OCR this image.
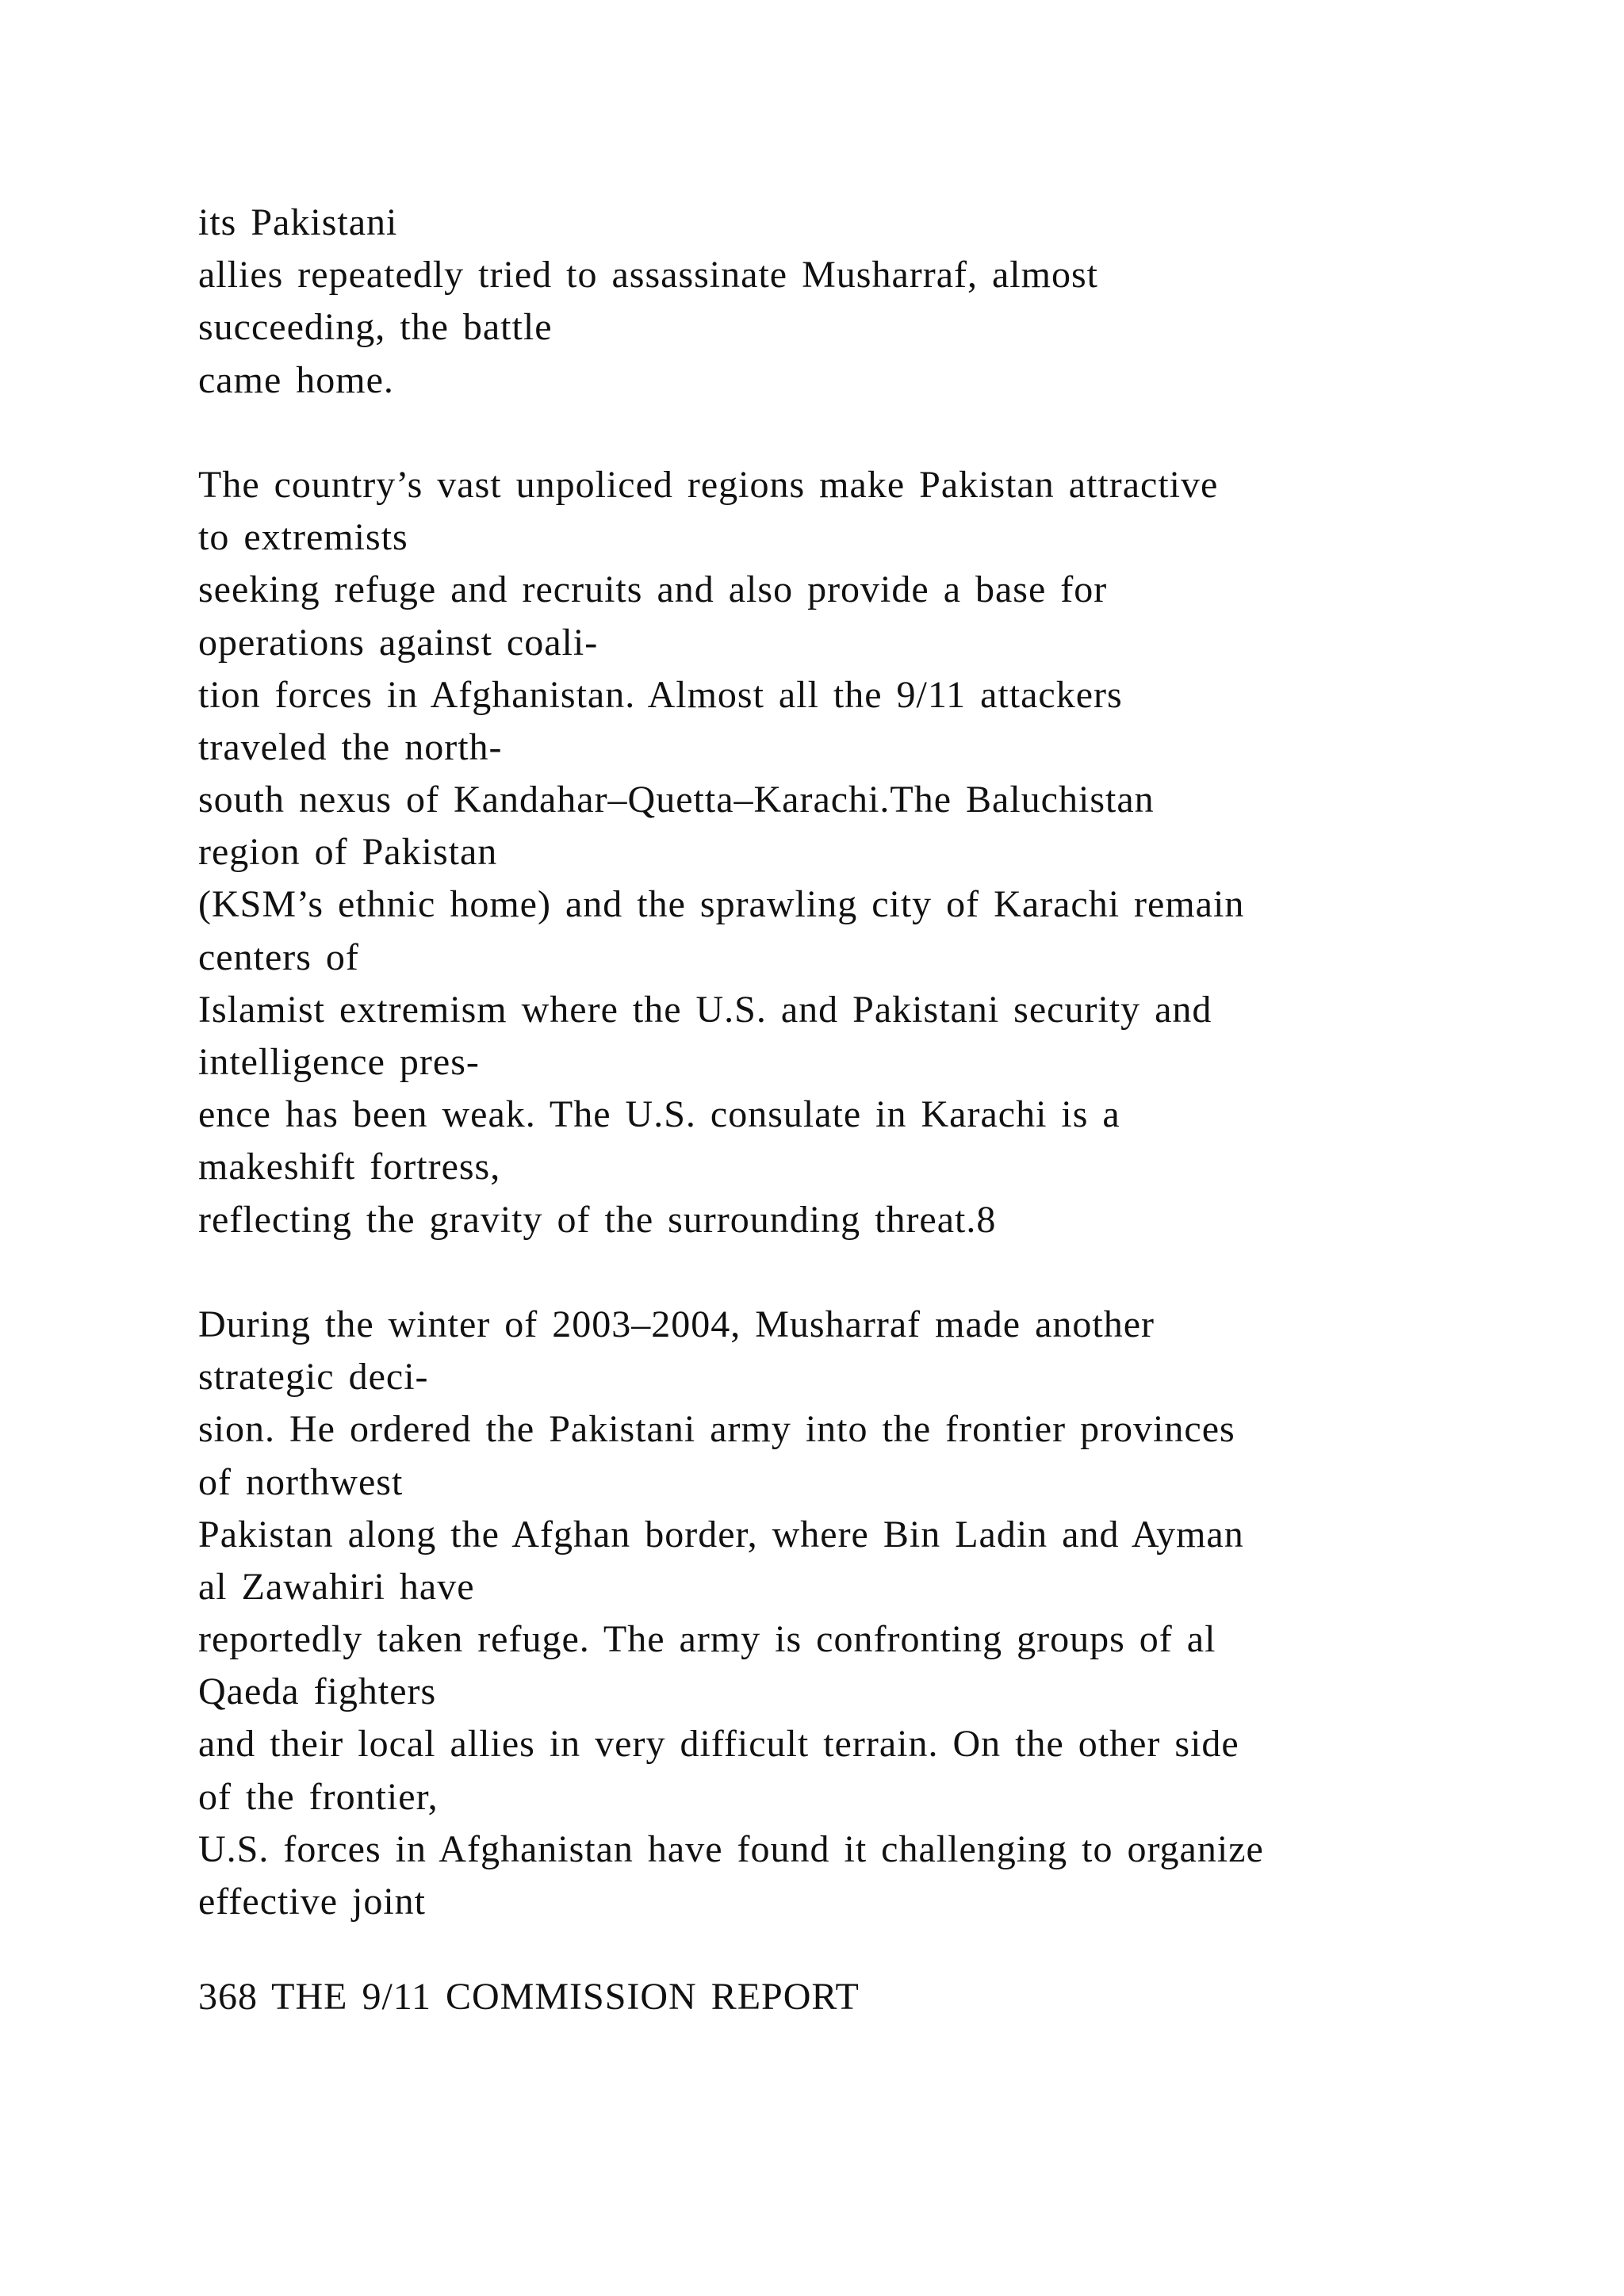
its Pakistani
allies repeatedly tried to assassinate Musharraf, almost
succeeding, the battle
came home.
The country’s vast unpoliced regions make Pakistan attractive
to extremists
seeking refuge and recruits and also provide a base for
operations against coali-
tion forces in Afghanistan. Almost all the 9/11 attackers
traveled the north-
south nexus of Kandahar–Quetta–Karachi.The Baluchistan
region of Pakistan
(KSM’s ethnic home) and the sprawling city of Karachi remain
centers of
Islamist extremism where the U.S. and Pakistani security and
intelligence pres-
ence has been weak. The U.S. consulate in Karachi is a
makeshift fortress,
reflecting the gravity of the surrounding threat.8
During the winter of 2003–2004, Musharraf made another
strategic deci-
sion. He ordered the Pakistani army into the frontier provinces
of northwest
Pakistan along the Afghan border, where Bin Ladin and Ayman
al Zawahiri have
reportedly taken refuge. The army is confronting groups of al
Qaeda fighters
and their local allies in very difficult terrain. On the other side
of the frontier,
U.S. forces in Afghanistan have found it challenging to organize
effective joint
368 THE 9/11 COMMISSION REPORT
